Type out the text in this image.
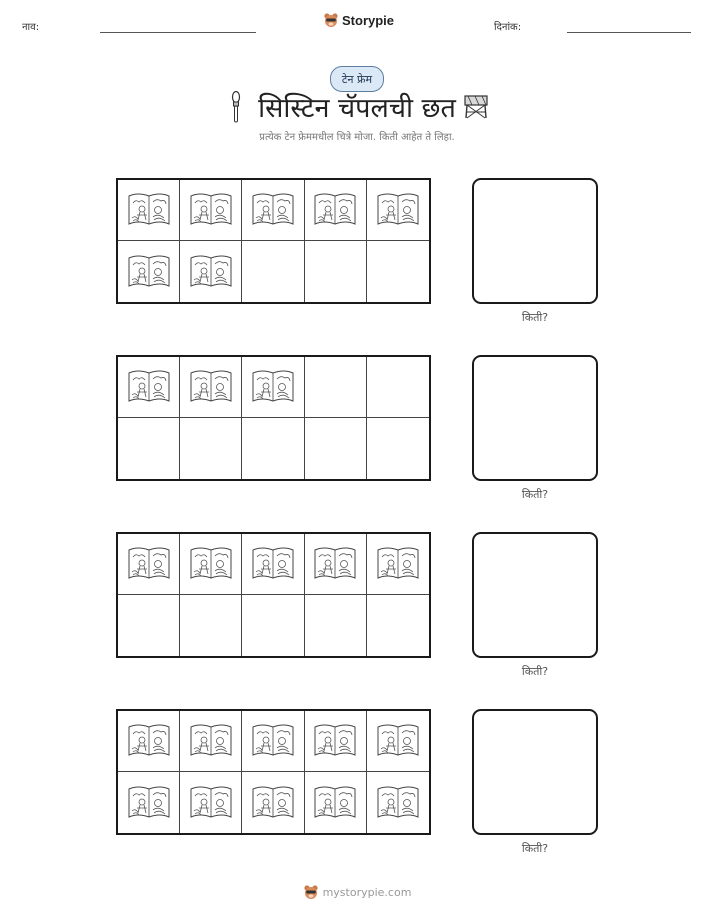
नाव:	Storypie	दिनांक:
टेन फ्रेम
सिस्टिन चॅपलची छत
प्रत्येक टेन फ्रेममधील चित्रे मोजा. किती आहेत ते लिहा.
किती?
किती?
किती?
किती?
mystorypie.com
